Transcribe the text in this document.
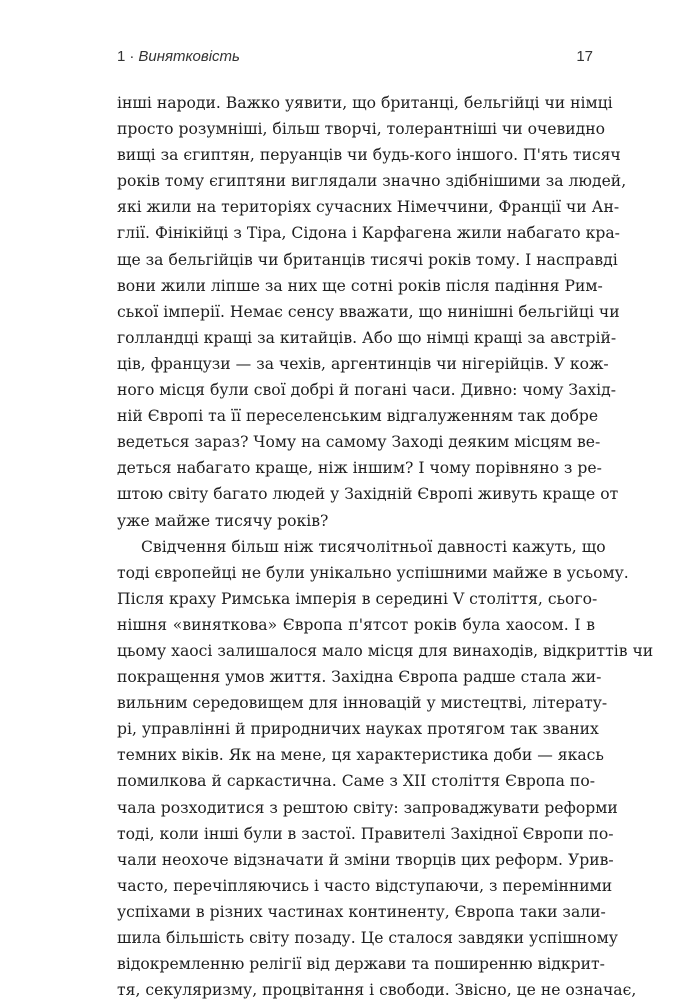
1 · Винятковість	17
інші народи. Важко уявити, що британці, бельгійці чи німці
просто розумніші, більш творчі, толерантніші чи очевидно
вищі за єгиптян, перуанців чи будь-кого іншого. П'ять тисяч
років тому єгиптяни виглядали значно здібнішими за людей,
які жили на територіях сучасних Німеччини, Франції чи Ан-
глії. Фінікійці з Тіра, Сідона і Карфагена жили набагато кра-
ще за бельгійців чи британців тисячі років тому. І насправді
вони жили ліпше за них ще сотні років після падіння Рим-
ської імперії. Немає сенсу вважати, що нинішні бельгійці чи
голландці кращі за китайців. Або що німці кращі за австрій-
ців, французи — за чехів, аргентинців чи нігерійців. У кож-
ного місця були свої добрі й погані часи. Дивно: чому Захід-
ній Європі та її переселенським відгалуженням так добре
ведеться зараз? Чому на самому Заході деяким місцям ве-
деться набагато краще, ніж іншим? І чому порівняно з ре-
штою світу багато людей у Західній Європі живуть краще от
уже майже тисячу років?
Свідчення більш ніж тисячолітньої давності кажуть, що
тоді європейці не були унікально успішними майже в усьому.
Після краху Римська імперія в середині V століття, сього-
нішня «виняткова» Європа п'ятсот років була хаосом. І в
цьому хаосі залишалося мало місця для винаходів, відкриттів чи
покращення умов життя. Західна Європа радше стала жи-
вильним середовищем для інновацій у мистецтві, літерату-
рі, управлінні й природничих науках протягом так званих
темних віків. Як на мене, ця характеристика доби — якась
помилкова й саркастична. Саме з XII століття Європа по-
чала розходитися з рештою світу: запроваджувати реформи
тоді, коли інші були в застої. Правителі Західної Європи по-
чали неохоче відзначати й зміни творців цих реформ. Урив-
часто, перечіпляючись і часто відступаючи, з перемінними
успіхами в різних частинах континенту, Європа таки зали-
шила більшість світу позаду. Це сталося завдяки успішному
відокремленню релігії від держави та поширенню відкрит-
тя, секуляризму, процвітання і свободи. Звісно, це не означає,
